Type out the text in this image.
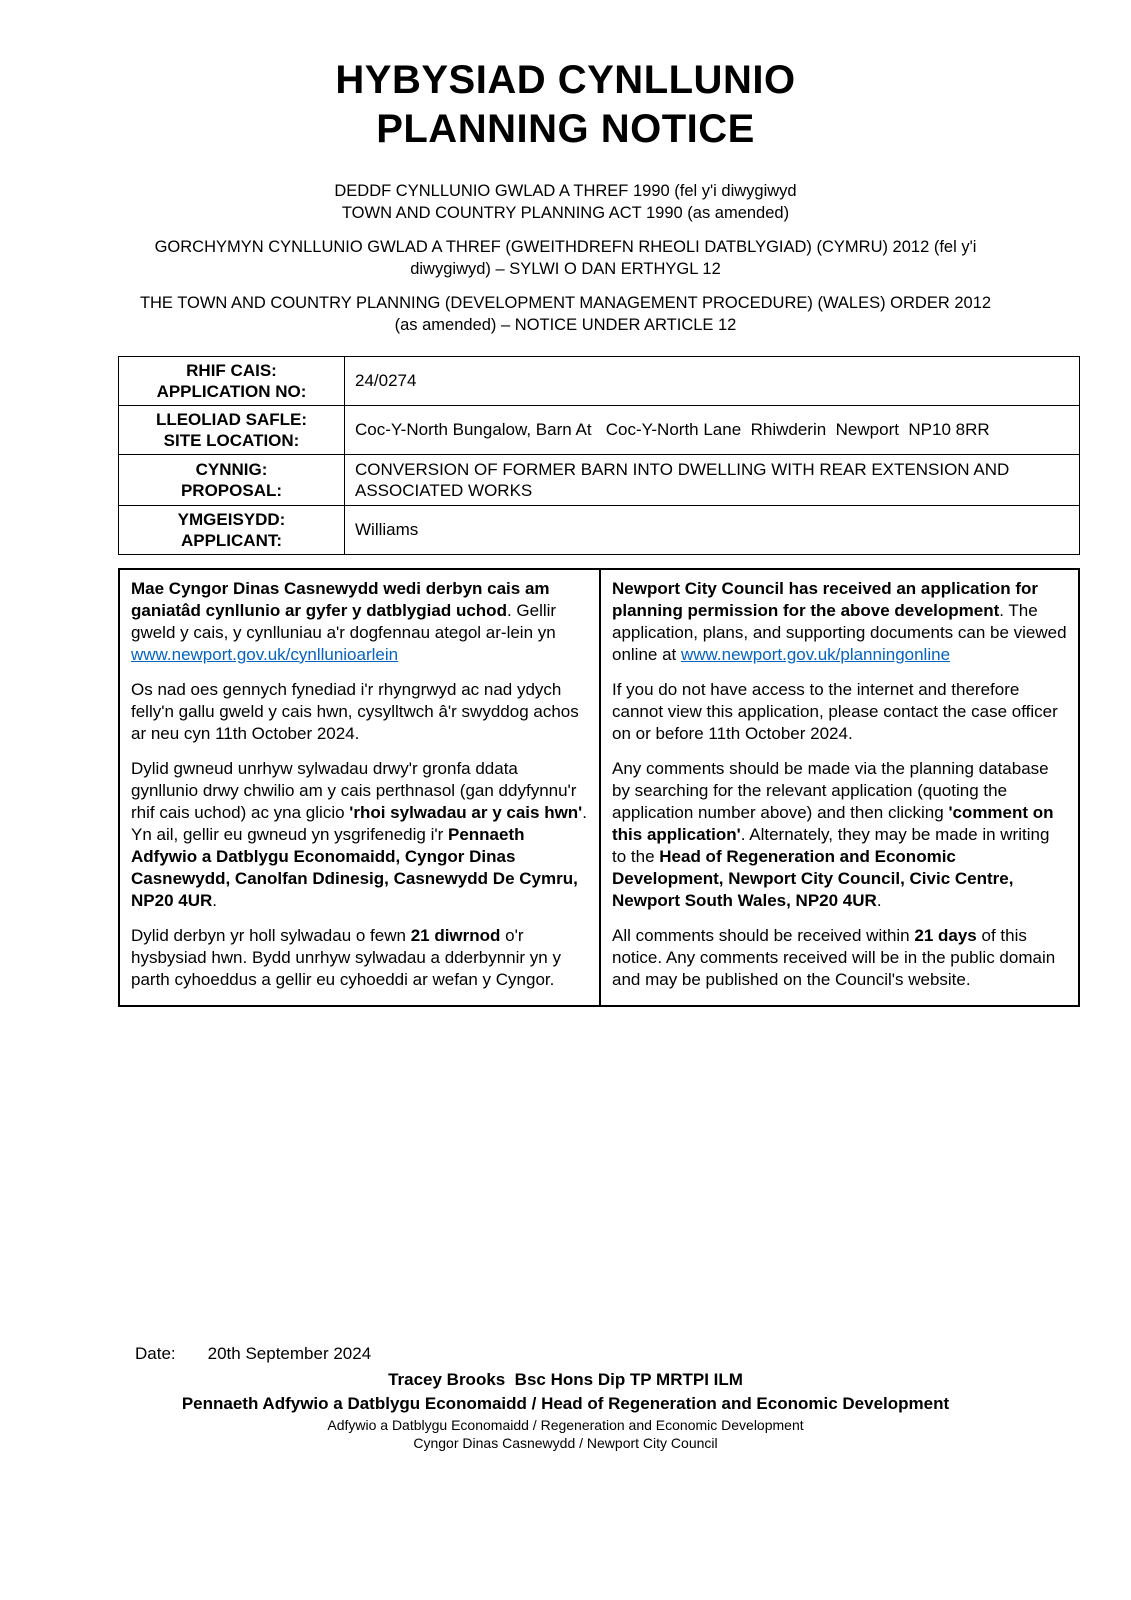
HYBYSIAD CYNLLUNIO
PLANNING NOTICE
DEDDF CYNLLUNIO GWLAD A THREF 1990 (fel y'i diwygiwyd
TOWN AND COUNTRY PLANNING ACT 1990 (as amended)
GORCHYMYN CYNLLUNIO GWLAD A THREF (GWEITHDREFN RHEOLI DATBLYGIAD) (CYMRU) 2012 (fel y'i
diwygiwyd) – SYLWI O DAN ERTHYGL 12
THE TOWN AND COUNTRY PLANNING (DEVELOPMENT MANAGEMENT PROCEDURE) (WALES) ORDER 2012
(as amended) – NOTICE UNDER ARTICLE 12
RHIF CAIS:
APPLICATION NO:	24/0274

LLEOLIAD SAFLE:
SITE LOCATION:	Coc-Y-North Bungalow, Barn At   Coc-Y-North Lane  Rhiwderin  Newport  NP10 8RR

CYNNIG:
PROPOSAL:	CONVERSION OF FORMER BARN INTO DWELLING WITH REAR EXTENSION AND ASSOCIATED WORKS

YMGEISYDD:
APPLICANT:	Williams

Mae Cyngor Dinas Casnewydd wedi derbyn cais am ganiatâd cynllunio ar gyfer y datblygiad uchod. Gellir gweld y cais, y cynlluniau a'r dogfennau ategol ar-lein yn www.newport.gov.uk/cynllunioarlein

Os nad oes gennych fynediad i'r rhyngrwyd ac nad ydych felly'n gallu gweld y cais hwn, cysylltwch â'r swyddog achos ar neu cyn 11th October 2024.

Dylid gwneud unrhyw sylwadau drwy'r gronfa ddata gynllunio drwy chwilio am y cais perthnasol (gan ddyfynnu'r rhif cais uchod) ac yna glicio 'rhoi sylwadau ar y cais hwn'. Yn ail, gellir eu gwneud yn ysgrifenedig i'r Pennaeth Adfywio a Datblygu Economaidd, Cyngor Dinas Casnewydd, Canolfan Ddinesig, Casnewydd De Cymru, NP20 4UR.

Dylid derbyn yr holl sylwadau o fewn 21 diwrnod o'r hysbysiad hwn. Bydd unrhyw sylwadau a dderbynnir yn y parth cyhoeddus a gellir eu cyhoeddi ar wefan y Cyngor.

Newport City Council has received an application for planning permission for the above development. The application, plans, and supporting documents can be viewed online at www.newport.gov.uk/planningonline

If you do not have access to the internet and therefore cannot view this application, please contact the case officer on or before 11th October 2024.

Any comments should be made via the planning database by searching for the relevant application (quoting the application number above) and then clicking 'comment on this application'. Alternately, they may be made in writing to the Head of Regeneration and Economic Development, Newport City Council, Civic Centre, Newport South Wales, NP20 4UR.

All comments should be received within 21 days of this notice. Any comments received will be in the public domain and may be published on the Council's website.

Date: 20th September 2024
Tracey Brooks  Bsc Hons Dip TP MRTPI ILM
Pennaeth Adfywio a Datblygu Economaidd / Head of Regeneration and Economic Development
Adfywio a Datblygu Economaidd / Regeneration and Economic Development
Cyngor Dinas Casnewydd / Newport City Council
